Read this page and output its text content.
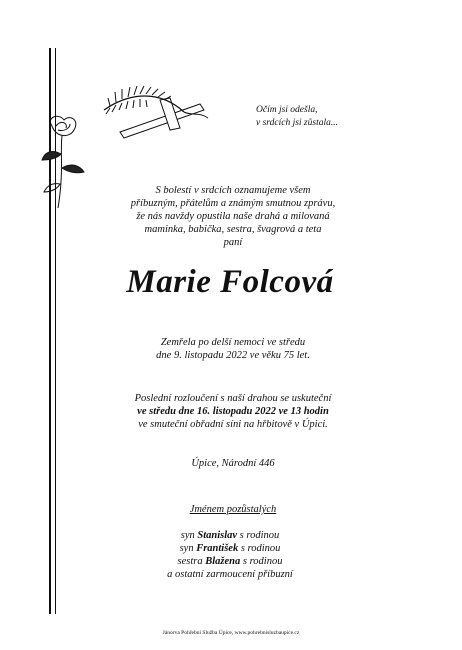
Očím jsi odešla,
v srdcích jsi zůstala...
S bolestí v srdcích oznamujeme všem
příbuzným, přátelům a známým smutnou zprávu,
že nás navždy opustila naše drahá a milovaná
maminka, babička, sestra, švagrová a teta
paní
Marie Folcová
Zemřela po delší nemoci ve středu
dne 9. listopadu 2022 ve věku 75 let.
Poslední rozloučení s naší drahou se uskuteční
ve středu dne 16. listopadu 2022 ve 13 hodin
ve smuteční obřadní síni na hřbitově v Úpici.
Úpice, Národní 446
Jménem pozůstalých
syn Stanislav s rodinou
syn František s rodinou
sestra Blažena s rodinou
a ostatní zarmoucení příbuzní
Jánorva Pohřební Služba Úpice, www.pohrebnisluzbaupice.cz
